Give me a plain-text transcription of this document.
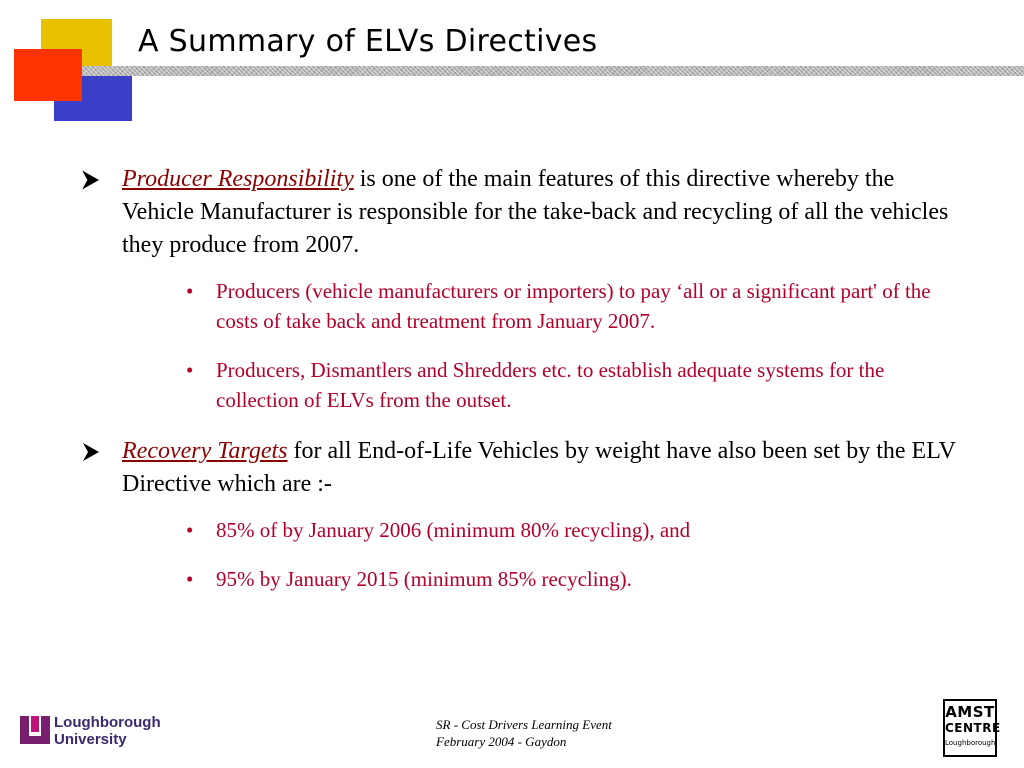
A Summary of ELVs Directives
Producer Responsibility is one of the main features of this directive whereby the Vehicle Manufacturer is responsible for the take-back and recycling of all the vehicles they produce from 2007.
• Producers (vehicle manufacturers or importers) to pay ‘all or a significant part' of the costs of take back and treatment from January 2007.
• Producers, Dismantlers and Shredders etc. to establish adequate systems for the collection of ELVs from the outset.
Recovery Targets for all End-of-Life Vehicles by weight have also been set by the ELV Directive which are :-
• 85% of by January 2006 (minimum 80% recycling), and
• 95% by January 2015 (minimum 85% recycling).
Loughborough
University
SR - Cost Drivers Learning Event
February 2004 - Gaydon
AMST
CENTRE
Loughborough
